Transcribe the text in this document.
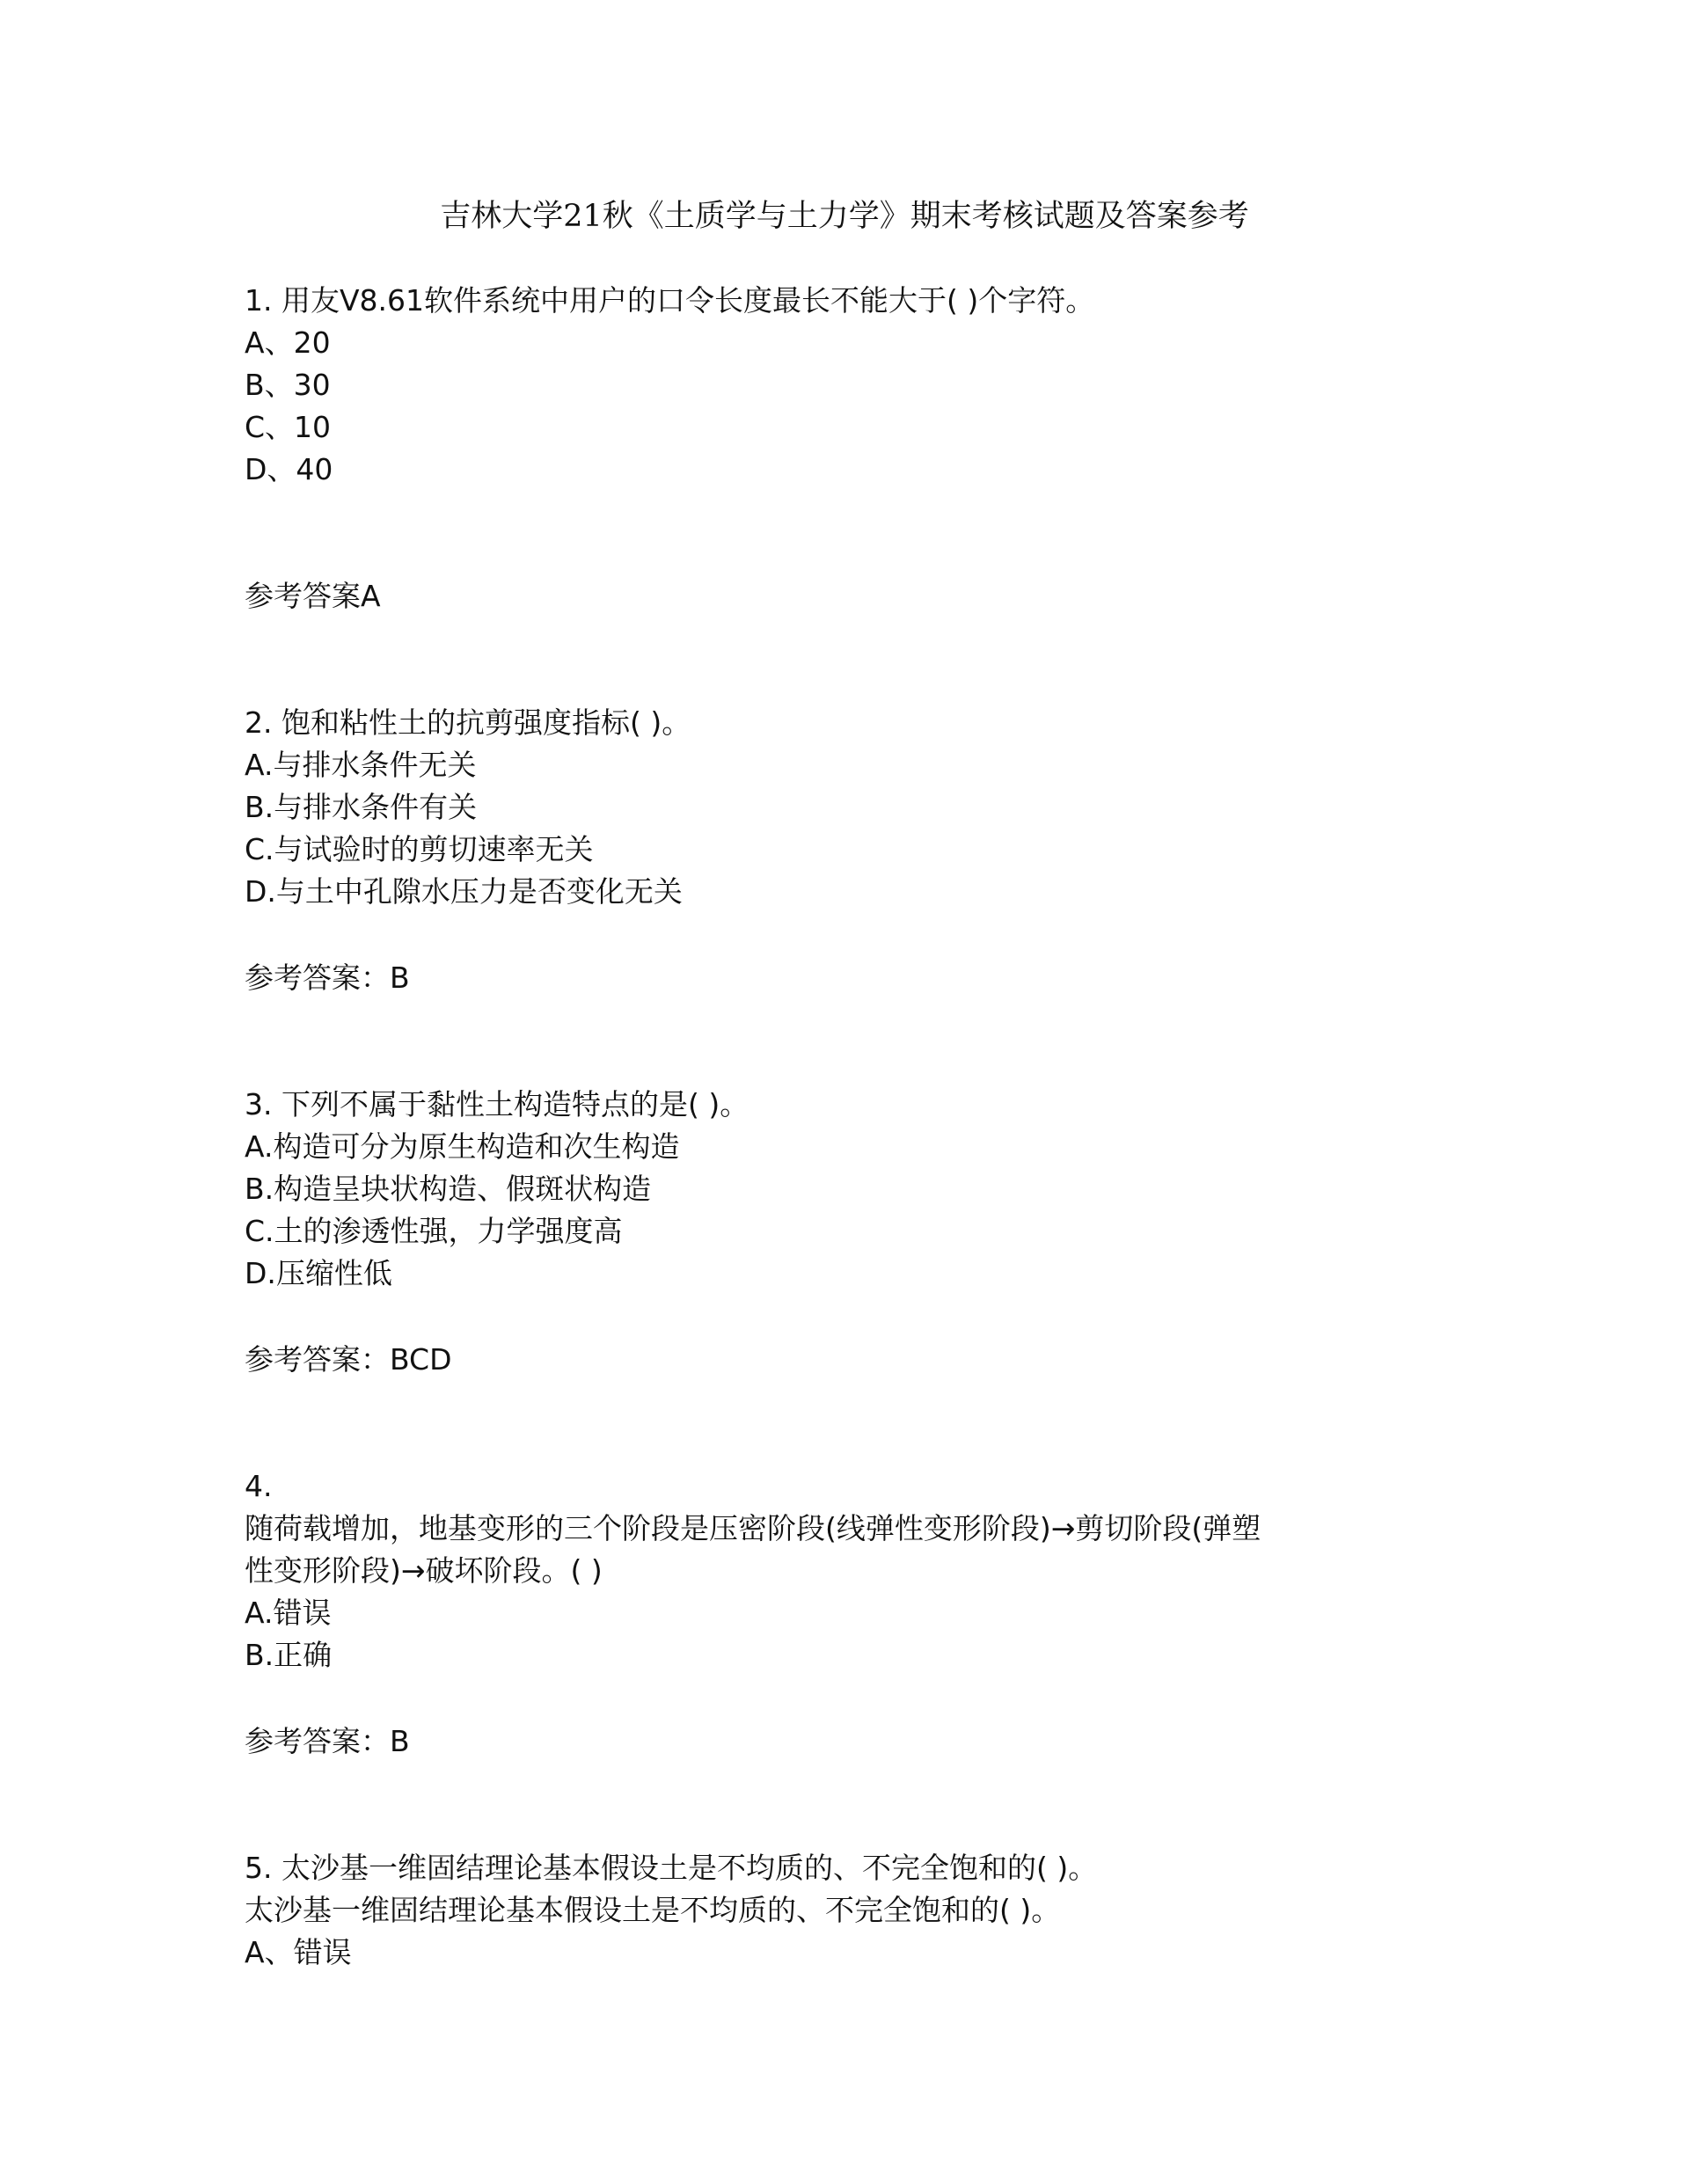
吉林大学21秋《土质学与土力学》期末考核试题及答案参考
1. 用友V8.61软件系统中用户的口令长度最长不能大于( )个字符。
A、20
B、30
C、10
D、40
参考答案A
2. 饱和粘性土的抗剪强度指标( )。
A.与排水条件无关
B.与排水条件有关
C.与试验时的剪切速率无关
D.与土中孔隙水压力是否变化无关
参考答案：B
3. 下列不属于黏性土构造特点的是( )。
A.构造可分为原生构造和次生构造
B.构造呈块状构造、假斑状构造
C.土的渗透性强，力学强度高
D.压缩性低
参考答案：BCD
4.
随荷载增加，地基变形的三个阶段是压密阶段(线弹性变形阶段)→剪切阶段(弹塑
性变形阶段)→破坏阶段。( )
A.错误
B.正确
参考答案：B
5. 太沙基一维固结理论基本假设土是不均质的、不完全饱和的( )。
太沙基一维固结理论基本假设土是不均质的、不完全饱和的( )。
A、错误
